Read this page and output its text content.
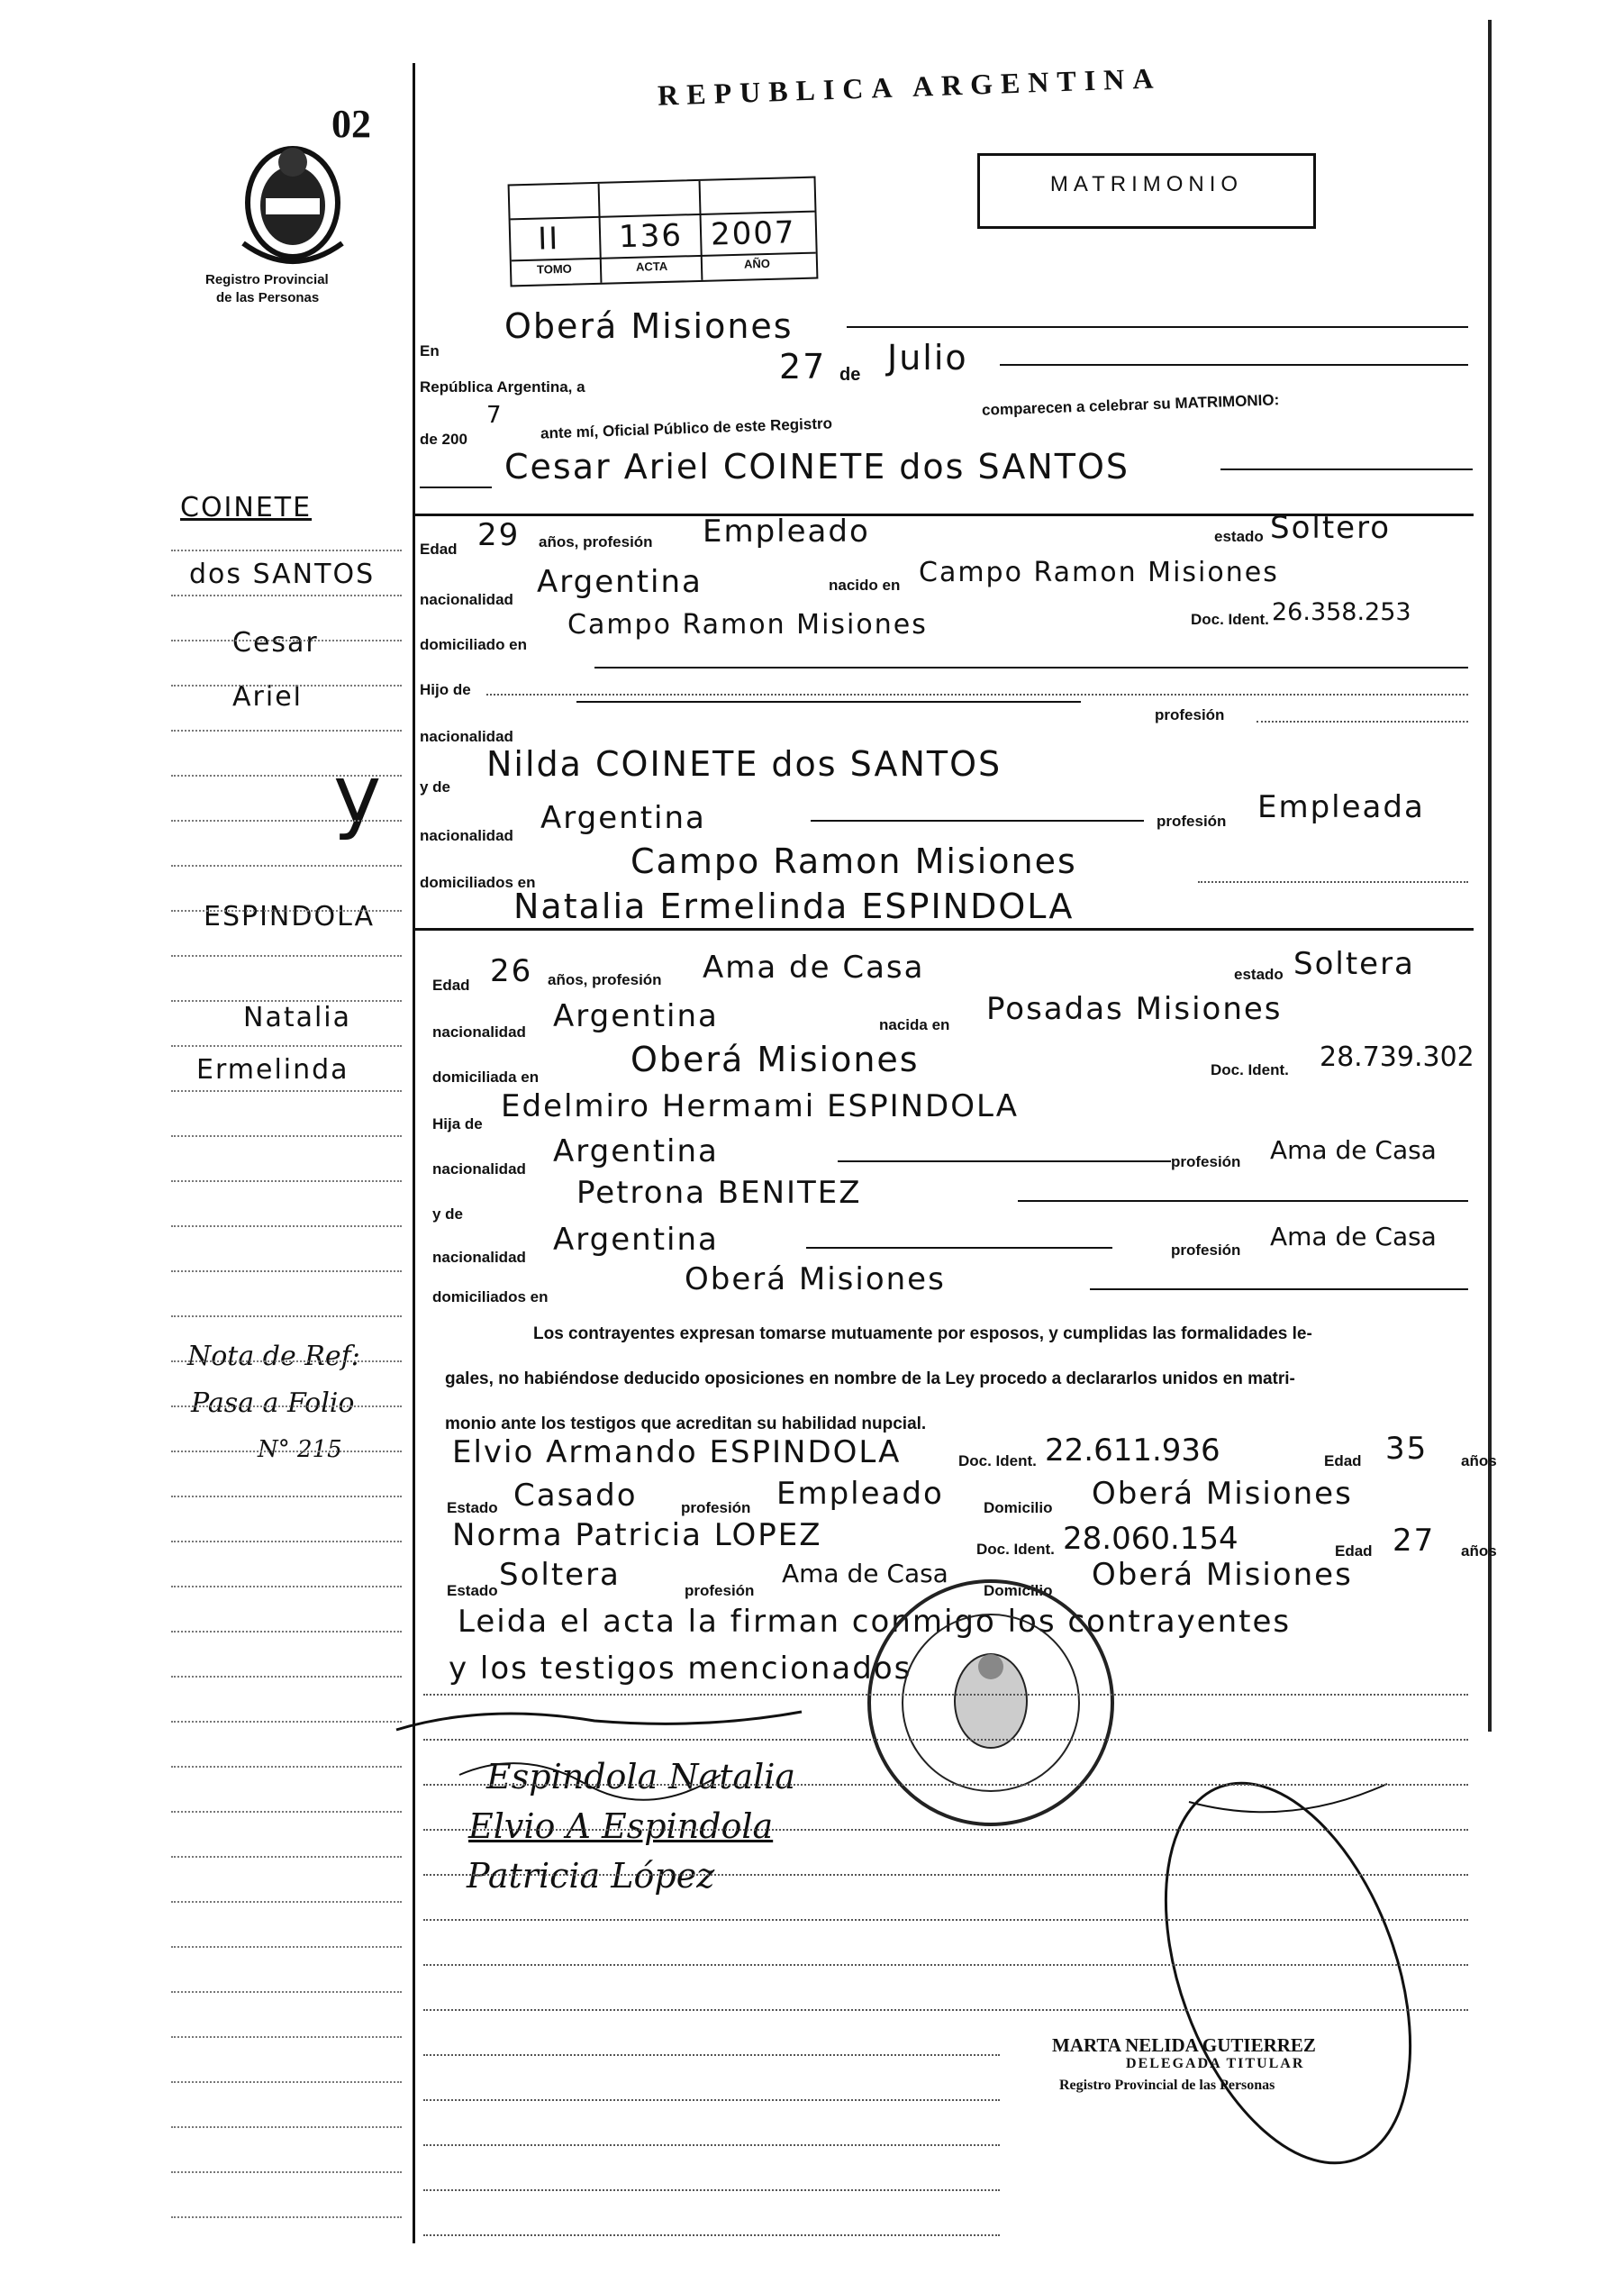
02
Registro Provincial
de las Personas
REPUBLICA ARGENTINA
MATRIMONIO
II 136 2007
TOMO	ACTA	AÑO
En
Oberá Misiones
República Argentina, a
27 de Julio
de 200
7 ante mí, Oficial Público de este Registro
comparecen a celebrar su MATRIMONIO:
Cesar Ariel COINETE dos SANTOS
Edad 29 años, profesión Empleado	estado Soltero
nacionalidad Argentina	nacido en Campo Ramon Misiones
domiciliado en
Campo Ramon Misiones	Doc. Ident. 26.358.253
Hijo de
nacionalidad
profesión
y de
Nilda COINETE dos SANTOS
nacionalidad Argentina	profesión Empleada
domiciliados en
Campo Ramon Misiones
Natalia Ermelinda ESPINDOLA
Edad 26 años, profesión Ama de Casa	estado Soltera
nacionalidad Argentina	nacida en Posadas Misiones
domiciliada en	Oberá Misiones	Doc. Ident. 28.739.302
Hija de Edelmiro Hermami ESPINDOLA
nacionalidad Argentina	profesión Ama de Casa
y de
Petrona BENITEZ
nacionalidad Argentina	profesión Ama de Casa
domiciliados en	Oberá Misiones
Los contrayentes expresan tomarse mutuamente por esposos, y cumplidas las formalidades le-
gales, no habiéndose deducido oposiciones en nombre de la Ley procedo a declararlos unidos en matri-
monio ante los testigos que acreditan su habilidad nupcial.
Elvio Armando ESPINDOLA	Doc. Ident. 22.611.936	Edad 35 años
Estado Casado	profesión Empleado	Domicilio Oberá Misiones
Norma Patricia LOPEZ	Doc. Ident. 28.060.154	Edad 27 años
Estado Soltera	profesión
Ama de Casa
Domicilio Oberá Misiones
Leida el acta la firman conmigo los contrayentes
y los testigos mencionados
COINETE
dos SANTOS
Cesar
Ariel
y
ESPINDOLA
Natalia
Ermelinda
Nota de Ref:
Pasa a Folio
N° 215
Espindola Natalia
Elvio A Espindola
Patricia López
MARTA NELIDA GUTIERREZ
DELEGADA TITULAR
Registro Provincial de las Personas
